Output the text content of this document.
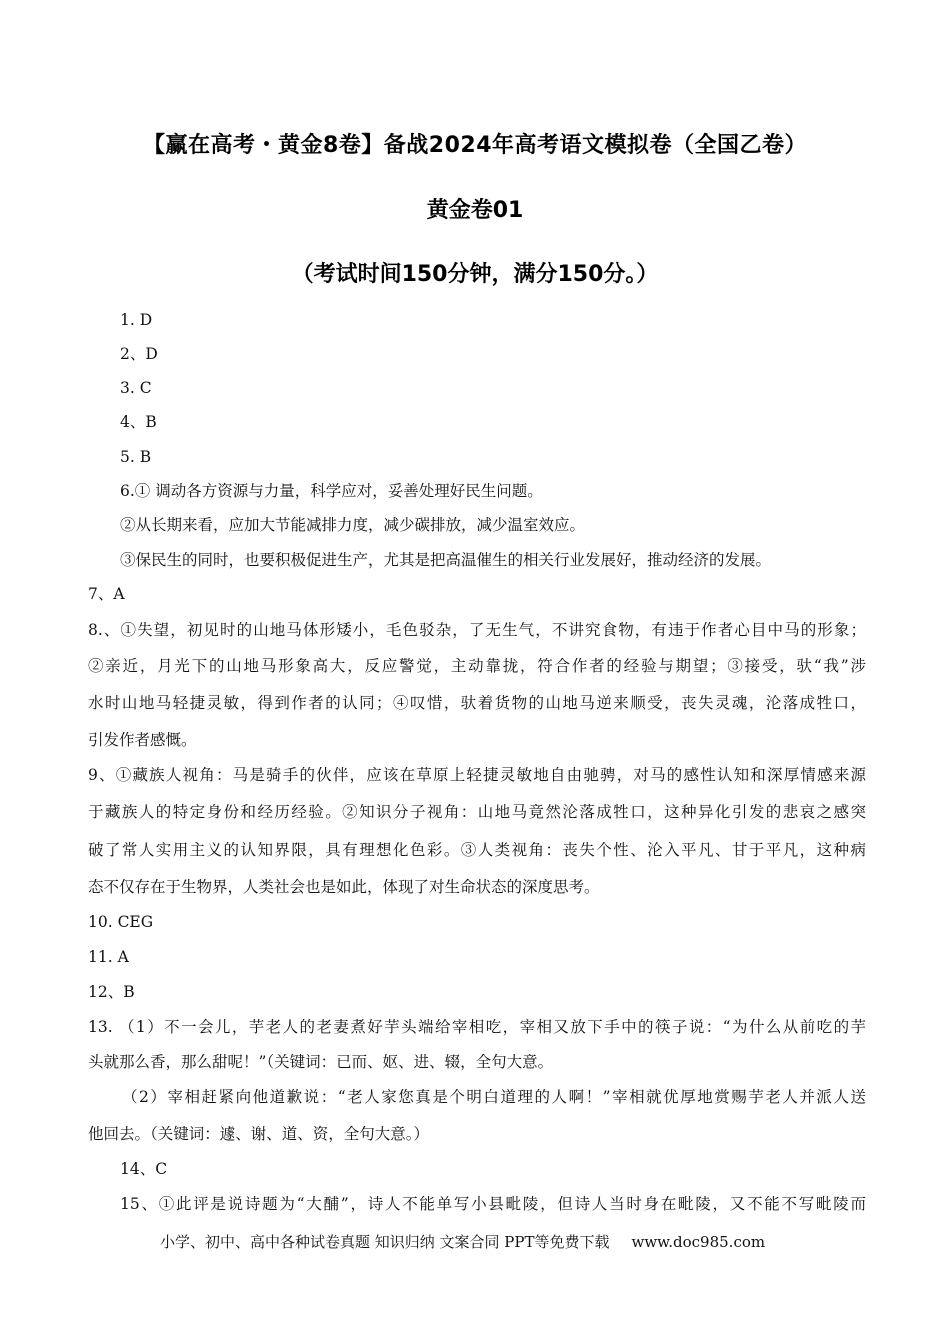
【赢在高考・黄金8卷】备战2024年高考语文模拟卷（全国乙卷）
黄金卷01
（考试时间150分钟，满分150分。）
1. D
2、D
3. C
4、B
5. B
6.① 调动各方资源与力量，科学应对，妥善处理好民生问题。
②从长期来看，应加大节能减排力度，减少碳排放，减少温室效应。
③保民生的同时，也要积极促进生产，尤其是把高温催生的相关行业发展好，推动经济的发展。
7、A
8.、①失望，初见时的山地马体形矮小，毛色驳杂，了无生气，不讲究食物，有违于作者心目中马的形象；
②亲近，月光下的山地马形象高大，反应警觉，主动靠拢，符合作者的经验与期望；③接受，驮“我”涉
水时山地马轻捷灵敏，得到作者的认同；④叹惜，驮着货物的山地马逆来顺受，丧失灵魂，沦落成牲口，
引发作者感慨。
9、①藏族人视角：马是骑手的伙伴，应该在草原上轻捷灵敏地自由驰骋，对马的感性认知和深厚情感来源
于藏族人的特定身份和经历经验。②知识分子视角：山地马竟然沦落成牲口，这种异化引发的悲哀之感突
破了常人实用主义的认知界限，具有理想化色彩。③人类视角：丧失个性、沦入平凡、甘于平凡，这种病
态不仅存在于生物界，人类社会也是如此，体现了对生命状态的深度思考。
10. CEG
11. A
12、B
13. （1）不一会儿，芋老人的老妻煮好芋头端给宰相吃，宰相又放下手中的筷子说：“为什么从前吃的芋
头就那么香，那么甜呢！”（关键词：已而、妪、进、辍，全句大意。
（2）宰相赶紧向他道歉说：“老人家您真是个明白道理的人啊！”宰相就优厚地赏赐芋老人并派人送
他回去。（关键词：遽、谢、道、资，全句大意。）
14、C
15、①此评是说诗题为“大酺”，诗人不能单写小县毗陵，但诗人当时身在毗陵，又不能不写毗陵而
小学、初中、高中各种试卷真题 知识归纳 文案合同 PPT等免费下载 www.doc985.com
